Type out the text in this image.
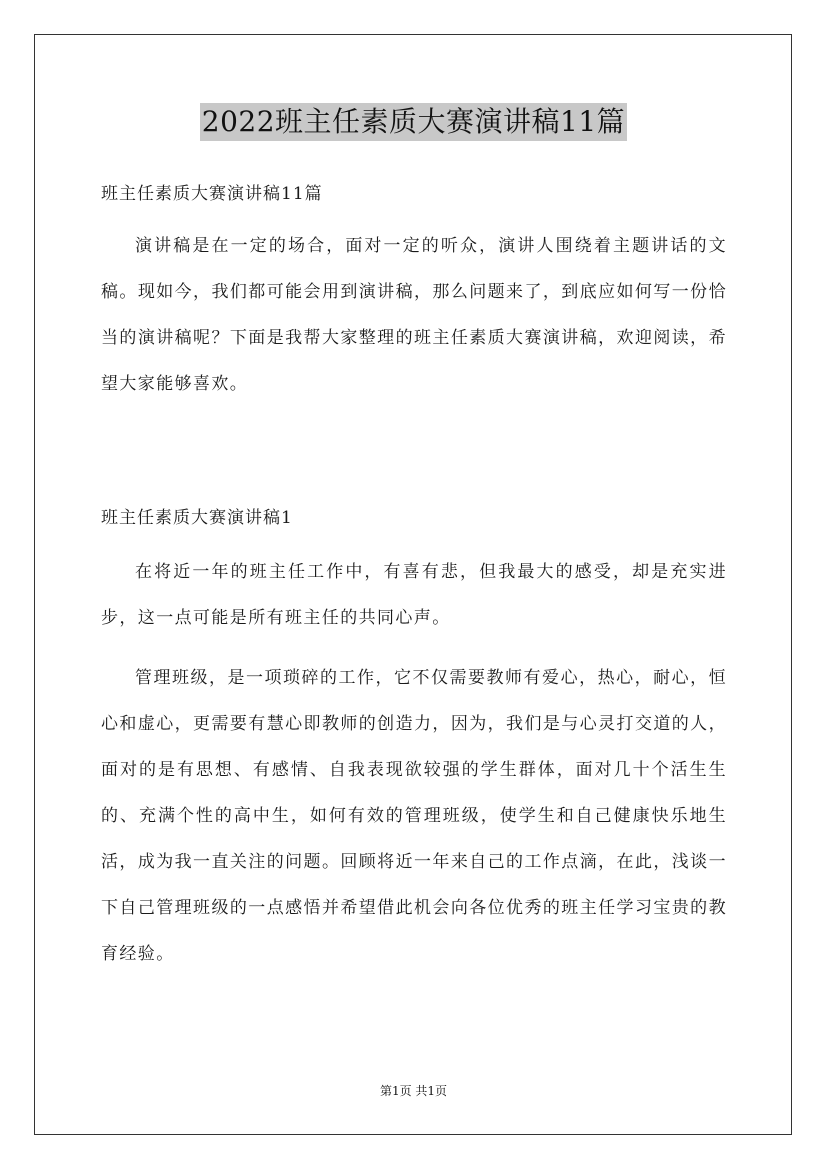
2022班主任素质大赛演讲稿11篇
班主任素质大赛演讲稿11篇

演讲稿是在一定的场合，面对一定的听众，演讲人围绕着主题讲话的文稿。现如今，我们都可能会用到演讲稿，那么问题来了，到底应如何写一份恰当的演讲稿呢？下面是我帮大家整理的班主任素质大赛演讲稿，欢迎阅读，希望大家能够喜欢。

班主任素质大赛演讲稿1

在将近一年的班主任工作中，有喜有悲，但我最大的感受，却是充实进步，这一点可能是所有班主任的共同心声。

管理班级，是一项琐碎的工作，它不仅需要教师有爱心，热心，耐心，恒心和虚心，更需要有慧心即教师的创造力，因为，我们是与心灵打交道的人，面对的是有思想、有感情、自我表现欲较强的学生群体，面对几十个活生生的、充满个性的高中生，如何有效的管理班级，使学生和自己健康快乐地生活，成为我一直关注的问题。回顾将近一年来自己的工作点滴，在此，浅谈一下自己管理班级的一点感悟并希望借此机会向各位优秀的班主任学习宝贵的教育经验。

第1页 共1页
